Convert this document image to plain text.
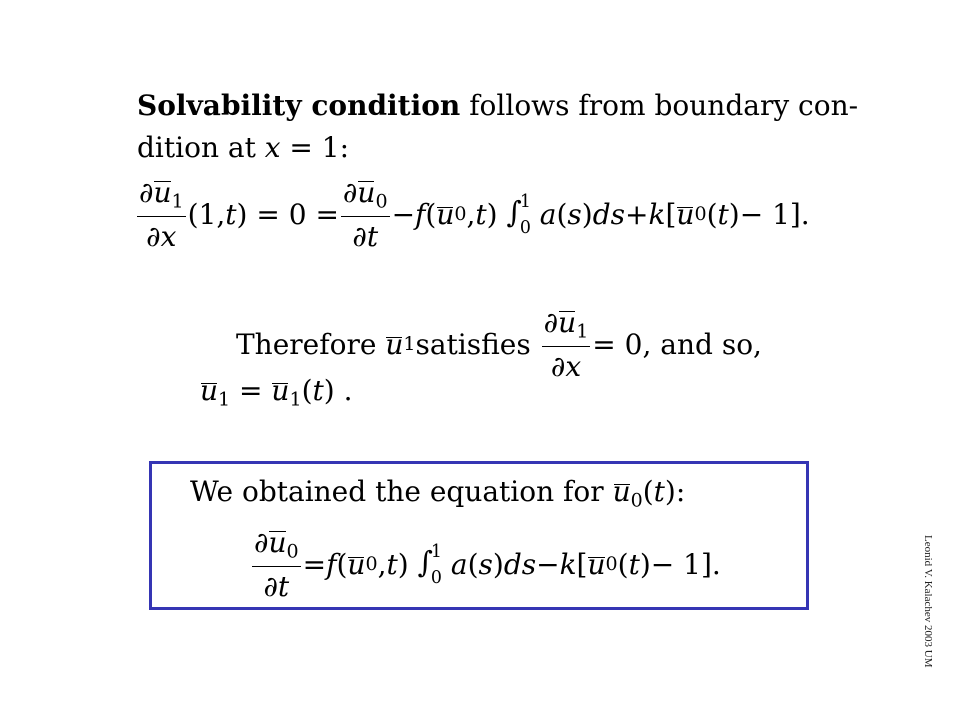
Solvability condition follows from boundary con-
dition at x = 1:
$\frac{\partial u_1}{\partial x} (1$, t ) = $0 = \frac{\partial u_0}{\partial t} - f$ ( u 0 , t )
∫
1
0
a ( s ) ds + k [ u 0 ( t ) − 1].
Therefore
u 1 satisfies
$\frac{\partial u_1}{\partial x} = 0$, and so,
$u_1 = u_1(t)$ .
We obtained the equation for $u_0(t)$:
$\frac{\partial u_0}{\partial t} = f$ ( u 0 , t )
∫
1
0
a ( s ) ds − k [ u 0 ( t ) − 1].	Leonid V. Kalachev 2003 UM
